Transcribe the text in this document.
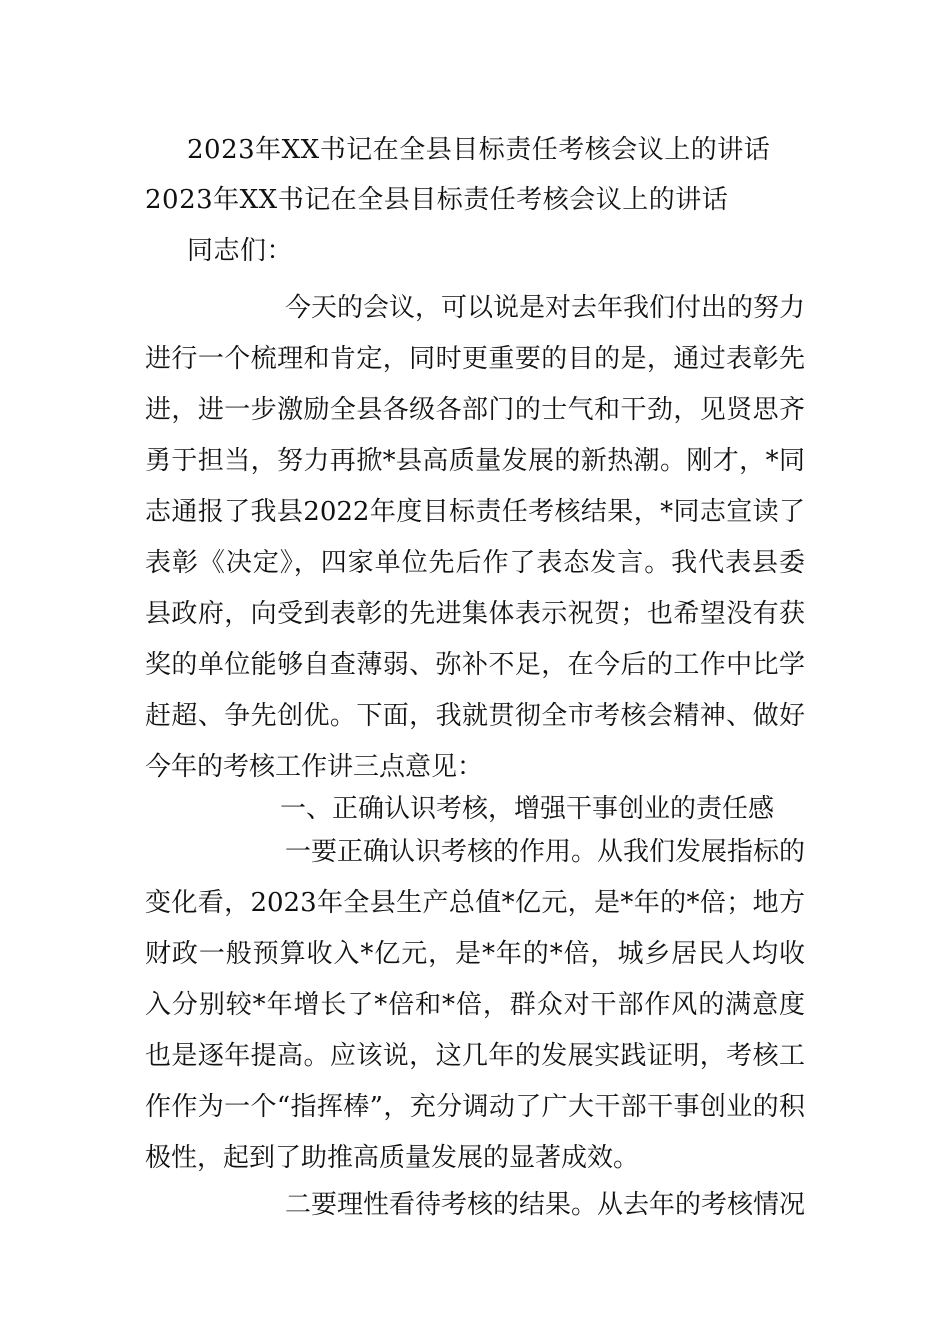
2023年XX书记在全县目标责任考核会议上的讲话
2023年XX书记在全县目标责任考核会议上的讲话
同志们：

今天的会议，可以说是对去年我们付出的努力进行一个梳理和肯定，同时更重要的目的是，通过表彰先进，进一步激励全县各级各部门的士气和干劲，见贤思齐勇于担当，努力再掀*县高质量发展的新热潮。刚才，*同志通报了我县2022年度目标责任考核结果，*同志宣读了表彰《决定》，四家单位先后作了表态发言。我代表县委县政府，向受到表彰的先进集体表示祝贺；也希望没有获奖的单位能够自查薄弱、弥补不足，在今后的工作中比学赶超、争先创优。下面，我就贯彻全市考核会精神、做好今年的考核工作讲三点意见：

一、正确认识考核，增强干事创业的责任感

一要正确认识考核的作用。从我们发展指标的变化看，2023年全县生产总值*亿元，是*年的*倍；地方财政一般预算收入*亿元，是*年的*倍，城乡居民人均收入分别较*年增长了*倍和*倍，群众对干部作风的满意度也是逐年提高。应该说，这几年的发展实践证明，考核工作作为一个“指挥棒”，充分调动了广大干部干事创业的积极性，起到了助推高质量发展的显著成效。

二要理性看待考核的结果。从去年的考核情况
